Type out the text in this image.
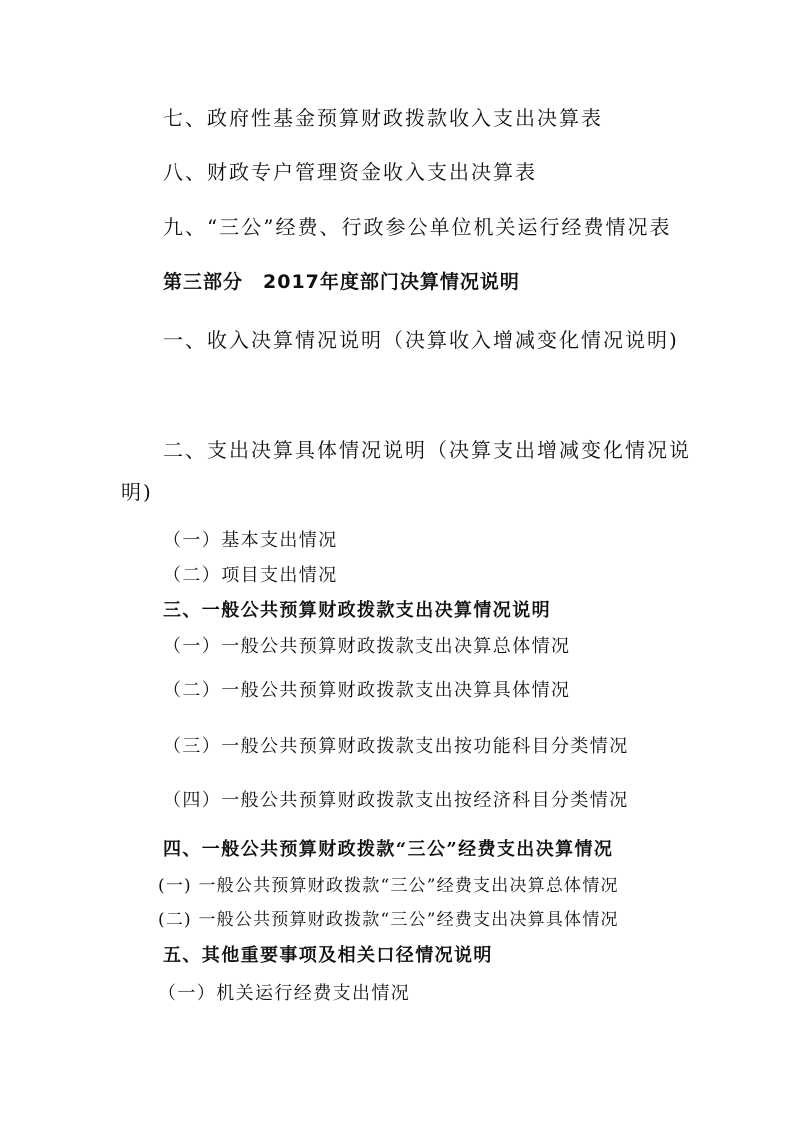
七、政府性基金预算财政拨款收入支出决算表
八、财政专户管理资金收入支出决算表
九、“三公”经费、行政参公单位机关运行经费情况表
第三部分　2017年度部门决算情况说明
一、收入决算情况说明（决算收入增减变化情况说明)
二、支出决算具体情况说明（决算支出增减变化情况说
明)
（一）基本支出情况
（二）项目支出情况
三、一般公共预算财政拨款支出决算情况说明
（一）一般公共预算财政拨款支出决算总体情况
（二）一般公共预算财政拨款支出决算具体情况
（三）一般公共预算财政拨款支出按功能科目分类情况
（四）一般公共预算财政拨款支出按经济科目分类情况
四、一般公共预算财政拨款“三公”经费支出决算情况
(一) 一般公共预算财政拨款“三公”经费支出决算总体情况
(二) 一般公共预算财政拨款“三公”经费支出决算具体情况
五、其他重要事项及相关口径情况说明
（一）机关运行经费支出情况
